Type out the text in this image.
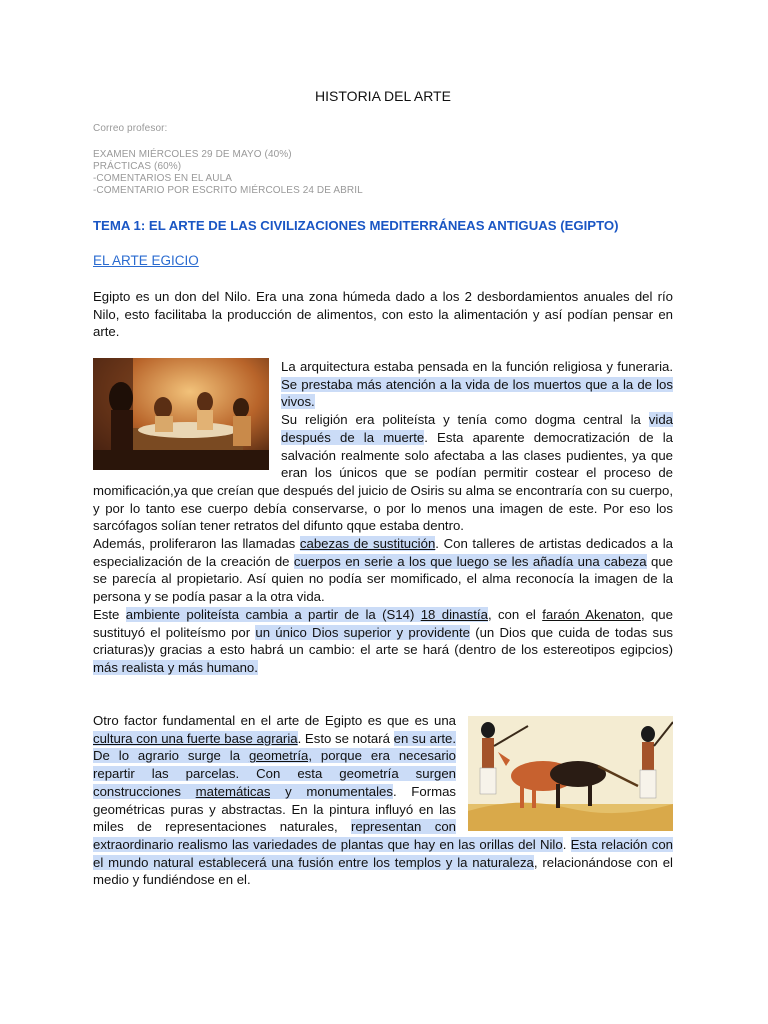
HISTORIA DEL ARTE
Correo profesor:
EXAMEN MIÉRCOLES 29 DE MAYO (40%)
PRÁCTICAS (60%)
-COMENTARIOS EN EL AULA
-COMENTARIO POR ESCRITO MIÉRCOLES 24 DE ABRIL
TEMA 1: EL ARTE DE LAS CIVILIZACIONES MEDITERRÁNEAS ANTIGUAS (EGIPTO)
EL ARTE EGICIO
Egipto es un don del Nilo. Era una zona húmeda dado a los 2 desbordamientos anuales del río Nilo, esto facilitaba la producción de alimentos, con esto la alimentación y así podían pensar en arte.
La arquitectura estaba pensada en la función religiosa y funeraria. Se prestaba más atención a la vida de los muertos que a la de los vivos.
Su religión era politeísta y tenía como dogma central la vida después de la muerte. Esta aparente democratización de la salvación realmente solo afectaba a las clases pudientes, ya que eran los únicos que se podían permitir costear el proceso de momificación,ya que creían que después del juicio de Osiris su alma se encontraría con su cuerpo, y por lo tanto ese cuerpo debía conservarse, o por lo menos una imagen de este. Por eso los sarcófagos solían tener retratos del difunto qque estaba dentro.
Además, proliferaron las llamadas cabezas de sustitución. Con talleres de artistas dedicados a la especialización de la creación de cuerpos en serie a los que luego se les añadía una cabeza que se parecía al propietario. Así quien no podía ser momificado, el alma reconocía la imagen de la persona y se podía pasar a la otra vida.
Este ambiente politeísta cambia a partir de la (S14) 18 dinastía, con el faraón Akenaton, que sustituyó el politeísmo por un único Dios superior y providente (un Dios que cuida de todas sus criaturas)y gracias a esto habrá un cambio: el arte se hará (dentro de los estereotipos egipcios) más realista y más humano.
Otro factor fundamental en el arte de Egipto es que es una cultura con una fuerte base agraria. Esto se notará en su arte. De lo agrario surge la geometría, porque era necesario repartir las parcelas. Con esta geometría surgen construcciones matemáticas y monumentales. Formas geométricas puras y abstractas. En la pintura influyó en las miles de representaciones naturales, representan con extraordinario realismo las variedades de plantas que hay en las orillas del Nilo. Esta relación con el mundo natural establecerá una fusión entre los templos y la naturaleza, relacionándose con el medio y fundiéndose en el.
